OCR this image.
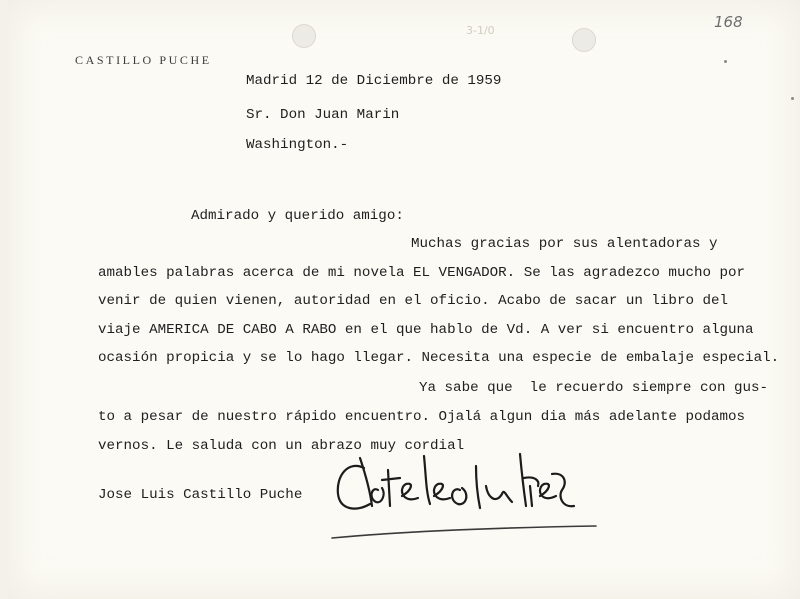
3-1/0	168
CASTILLO PUCHE
Madrid 12 de Diciembre de 1959
Sr. Don Juan Marin
Washington.-
Admirado y querido amigo:
Muchas gracias por sus alentadoras y
amables palabras acerca de mi novela EL VENGADOR. Se las agradezco mucho por
venir de quien vienen, autoridad en el oficio. Acabo de sacar un libro del
viaje AMERICA DE CABO A RABO en el que hablo de Vd. A ver si encuentro alguna
ocasión propicia y se lo hago llegar. Necesita una especie de embalaje especial.
Ya sabe que  le recuerdo siempre con gus-
to a pesar de nuestro rápido encuentro. Ojalá algun dia más adelante podamos
vernos. Le saluda con un abrazo muy cordial
Jose Luis Castillo Puche
